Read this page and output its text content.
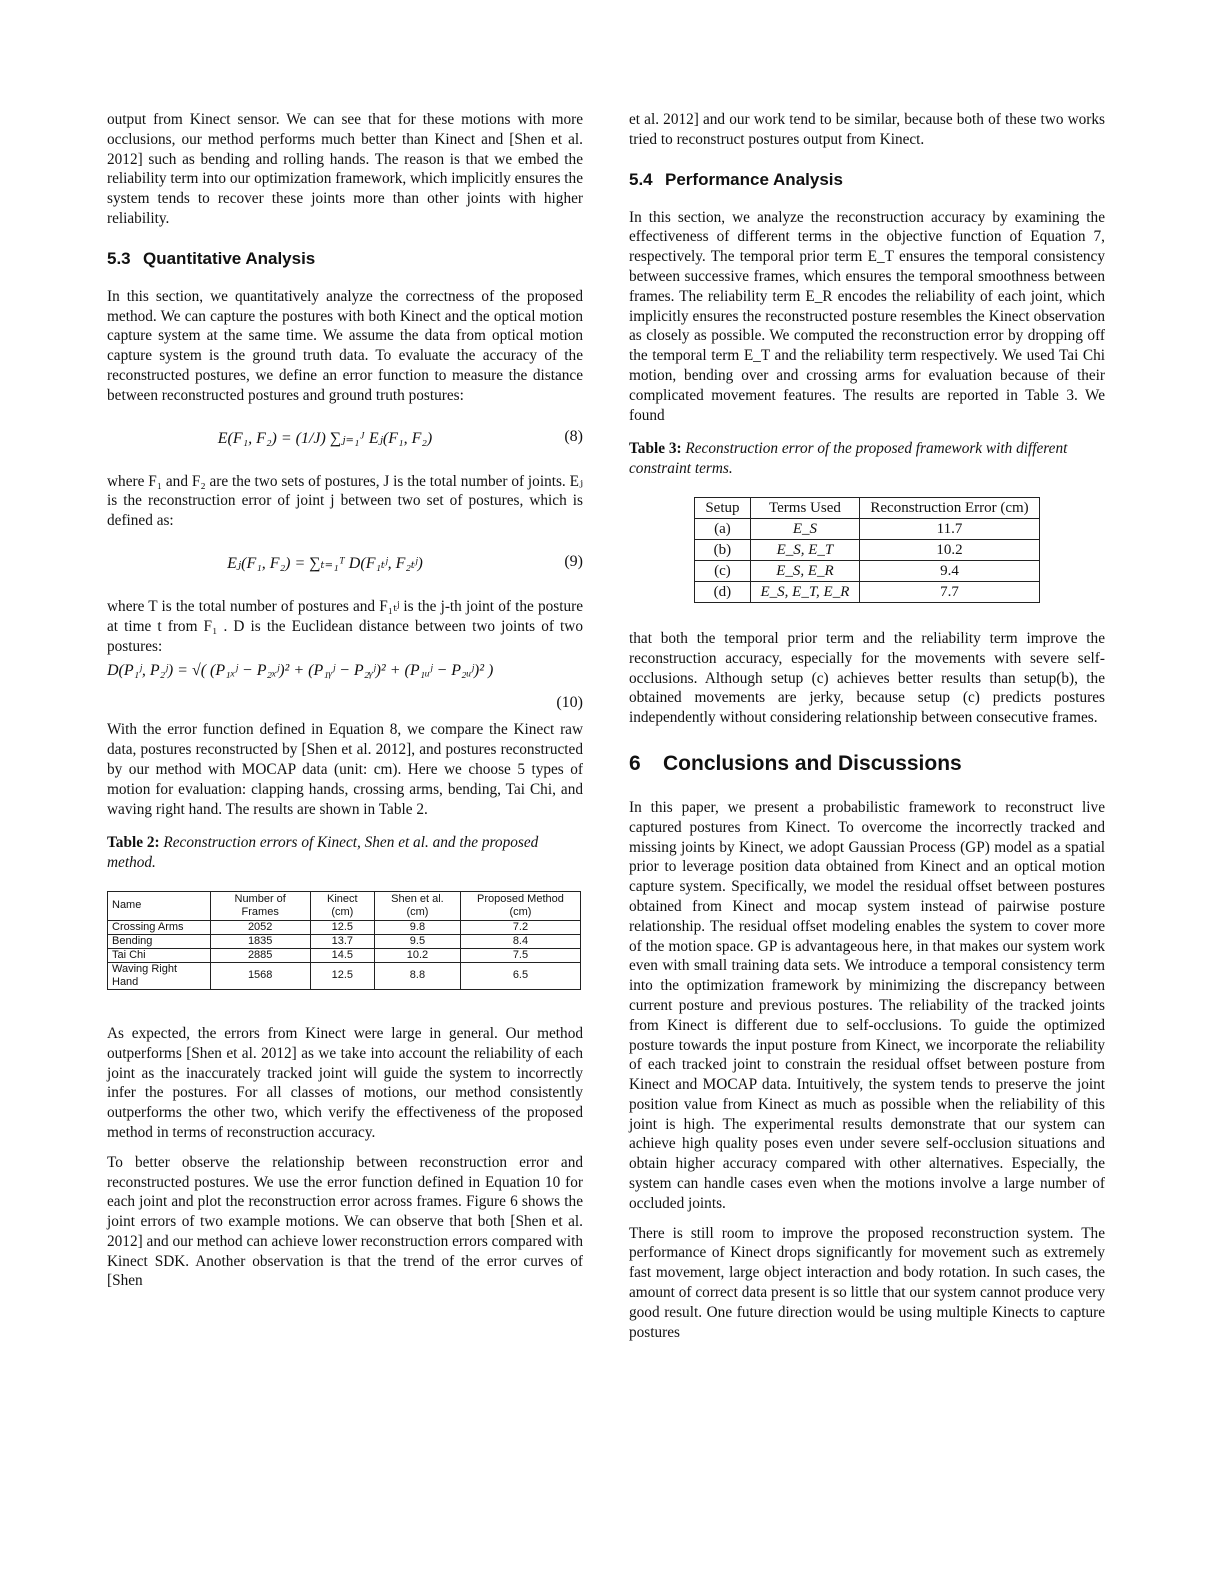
output from Kinect sensor. We can see that for these motions with more occlusions, our method performs much better than Kinect and [Shen et al. 2012] such as bending and rolling hands. The reason is that we embed the reliability term into our optimization framework, which implicitly ensures the system tends to recover these joints more than other joints with higher reliability.

5.3 Quantitative Analysis

In this section, we quantitatively analyze the correctness of the proposed method. We can capture the postures with both Kinect and the optical motion capture system at the same time. We assume the data from optical motion capture system is the ground truth data. To evaluate the accuracy of the reconstructed postures, we define an error function to measure the distance between reconstructed postures and ground truth postures:

E(F₁, F₂) = (1/J) ∑ⱼ₌₁ᴶ Eⱼ(F₁, F₂)	(8)

where F₁ and F₂ are the two sets of postures, J is the total number of joints. Eⱼ is the reconstruction error of joint j between two set of postures, which is defined as:

Eⱼ(F₁, F₂) = ∑ₜ₌₁ᵀ D(F₁ₜʲ, F₂ₜʲ)	(9)

where T is the total number of postures and F₁ₜʲ is the j-th joint of the posture at time t from F₁ . D is the Euclidean distance between two joints of two postures:

D(P₁ʲ, P₂ʲ) = √( (P₁ₓʲ − P₂ₓʲ)² + (P₁ᵧʲ − P₂ᵧʲ)² + (P₁ᵤʲ − P₂ᵤʲ)² )
(10)

With the error function defined in Equation 8, we compare the Kinect raw data, postures reconstructed by [Shen et al. 2012], and postures reconstructed by our method with MOCAP data (unit: cm). Here we choose 5 types of motion for evaluation: clapping hands, crossing arms, bending, Tai Chi, and waving right hand. The results are shown in Table 2.

Table 2: Reconstruction errors of Kinect, Shen et al. and the proposed method.
Name	Number of Frames	Kinect (cm)	Shen et al. (cm)	Proposed Method (cm)
Crossing Arms	2052	12.5	9.8	7.2
Bending	1835	13.7	9.5	8.4
Tai Chi	2885	14.5	10.2	7.5
Waving Right Hand	1568	12.5	8.8	6.5

As expected, the errors from Kinect were large in general. Our method outperforms [Shen et al. 2012] as we take into account the reliability of each joint as the inaccurately tracked joint will guide the system to incorrectly infer the postures. For all classes of motions, our method consistently outperforms the other two, which verify the effectiveness of the proposed method in terms of reconstruction accuracy.

To better observe the relationship between reconstruction error and reconstructed postures. We use the error function defined in Equation 10 for each joint and plot the reconstruction error across frames. Figure 6 shows the joint errors of two example motions. We can observe that both [Shen et al. 2012] and our method can achieve lower reconstruction errors compared with Kinect SDK. Another observation is that the trend of the error curves of [Shen

et al. 2012] and our work tend to be similar, because both of these two works tried to reconstruct postures output from Kinect.

5.4 Performance Analysis

In this section, we analyze the reconstruction accuracy by examining the effectiveness of different terms in the objective function of Equation 7, respectively. The temporal prior term E_T ensures the temporal consistency between successive frames, which ensures the temporal smoothness between frames. The reliability term E_R encodes the reliability of each joint, which implicitly ensures the reconstructed posture resembles the Kinect observation as closely as possible. We computed the reconstruction error by dropping off the temporal term E_T and the reliability term respectively. We used Tai Chi motion, bending over and crossing arms for evaluation because of their complicated movement features. The results are reported in Table 3. We found

Table 3: Reconstruction error of the proposed framework with different constraint terms.
Setup	Terms Used	Reconstruction Error (cm)
(a)	E_S	11.7
(b)	E_S, E_T	10.2
(c)	E_S, E_R	9.4
(d)	E_S, E_T, E_R	7.7

that both the temporal prior term and the reliability term improve the reconstruction accuracy, especially for the movements with severe self-occlusions. Although setup (c) achieves better results than setup(b), the obtained movements are jerky, because setup (c) predicts postures independently without considering relationship between consecutive frames.

6 Conclusions and Discussions

In this paper, we present a probabilistic framework to reconstruct live captured postures from Kinect. To overcome the incorrectly tracked and missing joints by Kinect, we adopt Gaussian Process (GP) model as a spatial prior to leverage position data obtained from Kinect and an optical motion capture system. Specifically, we model the residual offset between postures obtained from Kinect and mocap system instead of pairwise posture relationship. The residual offset modeling enables the system to cover more of the motion space. GP is advantageous here, in that makes our system work even with small training data sets. We introduce a temporal consistency term into the optimization framework by minimizing the discrepancy between current posture and previous postures. The reliability of the tracked joints from Kinect is different due to self-occlusions. To guide the optimized posture towards the input posture from Kinect, we incorporate the reliability of each tracked joint to constrain the residual offset between posture from Kinect and MOCAP data. Intuitively, the system tends to preserve the joint position value from Kinect as much as possible when the reliability of this joint is high. The experimental results demonstrate that our system can achieve high quality poses even under severe self-occlusion situations and obtain higher accuracy compared with other alternatives. Especially, the system can handle cases even when the motions involve a large number of occluded joints.

There is still room to improve the proposed reconstruction system. The performance of Kinect drops significantly for movement such as extremely fast movement, large object interaction and body rotation. In such cases, the amount of correct data present is so little that our system cannot produce very good result. One future direction would be using multiple Kinects to capture postures
